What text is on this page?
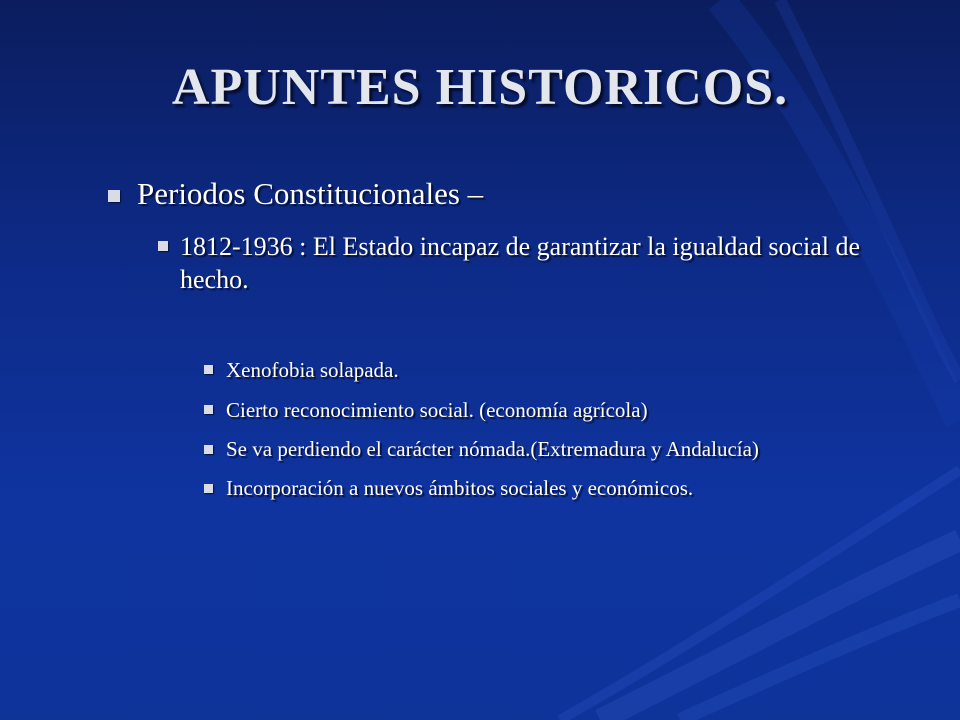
APUNTES HISTORICOS.
Periodos Constitucionales –
1812-1936 : El Estado incapaz de garantizar la igualdad social de hecho.
Xenofobia solapada.
Cierto reconocimiento social. (economía agrícola)
Se va perdiendo el carácter nómada.(Extremadura y Andalucía)
Incorporación a nuevos ámbitos sociales y económicos.
